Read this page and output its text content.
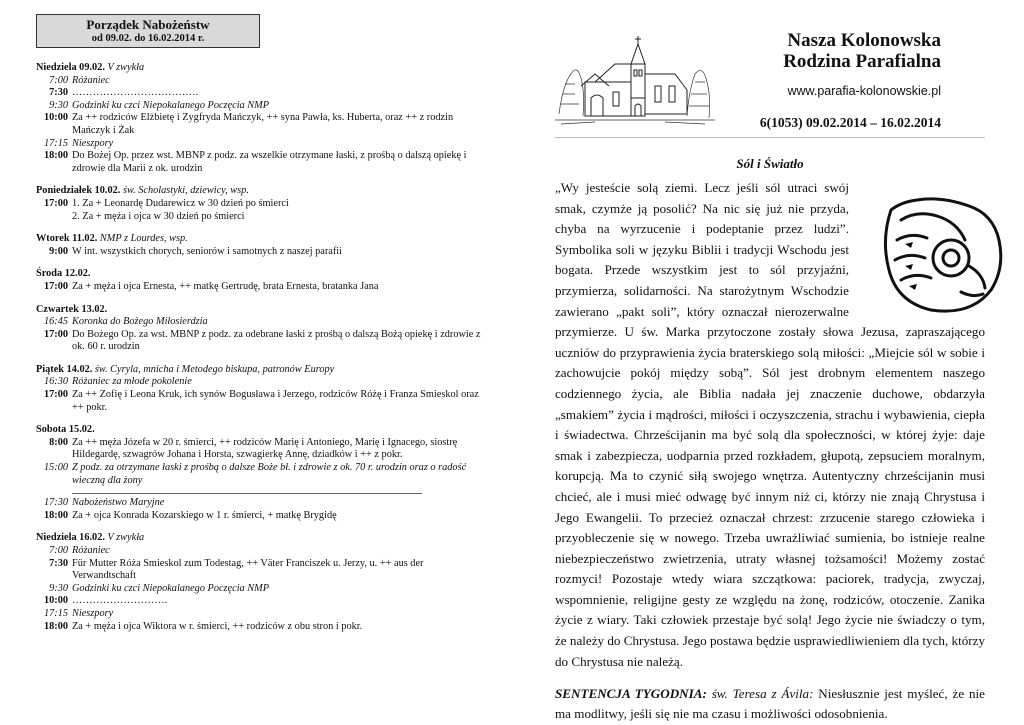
Porządek Nabożeństw
od 09.02. do 16.02.2014 r.
Niedziela 09.02. V zwykła
7:00 Różaniec
7:30 ……………………………….
9:30 Godzinki ku czci Niepokalanego Poczęcia NMP
10:00 Za ++ rodziców Elżbietę i Zygfryda Mańczyk, ++ syna Pawła, ks. Huberta, oraz ++ z rodzin Mańczyk i Żak
17:15 Nieszpory
18:00 Do Bożej Op. przez wst. MBNP z podz. za wszelkie otrzymane łaski, z prośbą o dalszą opiekę i zdrowie dla Marii z ok. urodzin
Poniedziałek 10.02. św. Scholastyki, dziewicy, wsp.
17:00 1. Za + Leonardę Dudarewicz w 30 dzień po śmierci
2. Za + męża i ojca w 30 dzień po śmierci
Wtorek 11.02. NMP z Lourdes, wsp.
9:00 W int. wszystkich chorych, seniorów i samotnych z naszej parafii
Środa 12.02.
17:00 Za + męża i ojca Ernesta, ++ matkę Gertrudę, brata Ernesta, bratanka Jana
Czwartek 13.02.
16:45 Koronka do Bożego Miłosierdzia
17:00 Do Bożego Op. za wst. MBNP z podz. za odebrane łaski z prośbą o dalszą Bożą opiekę i zdrowie z ok. 60 r. urodzin
Piątek 14.02. św. Cyryla, mnicha i Metodego biskupa, patronów Europy
16:30 Różaniec za młode pokolenie
17:00 Za ++ Zofię i Leona Kruk, ich synów Bogusława i Jerzego, rodziców Różę i Franza Smieskol oraz ++ pokr.
Sobota 15.02.
8:00 Za ++ męża Józefa w 20 r. śmierci, ++ rodziców Marię i Antoniego, Marię i Ignacego, siostrę Hildegardę, szwagrów Johana i Horsta, szwagierkę Annę, dziadków i ++ z pokr.
15:00 Z podz. za otrzymane łaski z prośbą o dalsze Boże bł. i zdrowie z ok. 70 r. urodzin oraz o radość wieczną dla żony
17:30 Nabożeństwo Maryjne
18:00 Za + ojca Konrada Kozarskiego w 1 r. śmierci, + matkę Brygidę
Niedziela 16.02. V zwykła
7:00 Różaniec
7:30 Für Mutter Róża Smieskol zum Todestag, ++ Väter Franciszek u. Jerzy, u. ++ aus der Verwandtschaft
9:30 Godzinki ku czci Niepokalanego Poczęcia NMP
10:00 ……………………….
17:15 Nieszpory
18:00 Za + męża i ojca Wiktora w r. śmierci, ++ rodziców z obu stron i pokr.
Nasza Kolonowska
Rodzina Parafialna
www.parafia-kolonowskie.pl
6(1053) 09.02.2014 – 16.02.2014
Sól i Światło
„Wy jesteście solą ziemi. Lecz jeśli sól utraci swój smak, czymże ją posolić? Na nic się już nie przyda, chyba na wyrzucenie i podeptanie przez ludzi”. Symbolika soli w języku Biblii i tradycji Wschodu jest bogata. Przede wszystkim jest to sól przyjaźni, przymierza, solidarności. Na starożytnym Wschodzie zawierano „pakt soli”, który oznaczał nierozerwalne przymierze. U św. Marka przytoczone zostały słowa Jezusa, zapraszającego uczniów do przyprawienia życia braterskiego solą miłości: „Miejcie sól w sobie i zachowujcie pokój między sobą”. Sól jest drobnym elementem naszego codziennego życia, ale Biblia nadała jej znaczenie duchowe, obdarzyła „smakiem” życia i mądrości, miłości i oczyszczenia, strachu i wybawienia, ciepła i świadectwa. Chrześcijanin ma być solą dla społeczności, w której żyje: daje smak i zabezpiecza, uodparnia przed rozkładem, głupotą, zepsuciem moralnym, korupcją. Ma to czynić siłą swojego wnętrza. Autentyczny chrześcijanin musi chcieć, ale i musi mieć odwagę być innym niż ci, którzy nie znają Chrystusa i Jego Ewangelii. To przecież oznaczał chrzest: zrzucenie starego człowieka i przyobleczenie się w nowego. Trzeba uwrażliwiać sumienia, bo istnieje realne niebezpieczeństwo zwietrzenia, utraty własnej tożsamości! Możemy zostać rozmyci! Pozostaje wtedy wiara szczątkowa: paciorek, tradycja, zwyczaj, wspomnienie, religijne gesty ze względu na żonę, rodziców, otoczenie. Zanika życie z wiary. Taki człowiek przestaje być solą! Jego życie nie świadczy o tym, że należy do Chrystusa. Jego postawa będzie usprawiedliwieniem dla tych, którzy do Chrystusa nie należą.
SENTENCJA TYGODNIA: św. Teresa z Ávila: Niesłusznie jest myśleć, że nie ma modlitwy, jeśli się nie ma czasu i możliwości odosobnienia.
